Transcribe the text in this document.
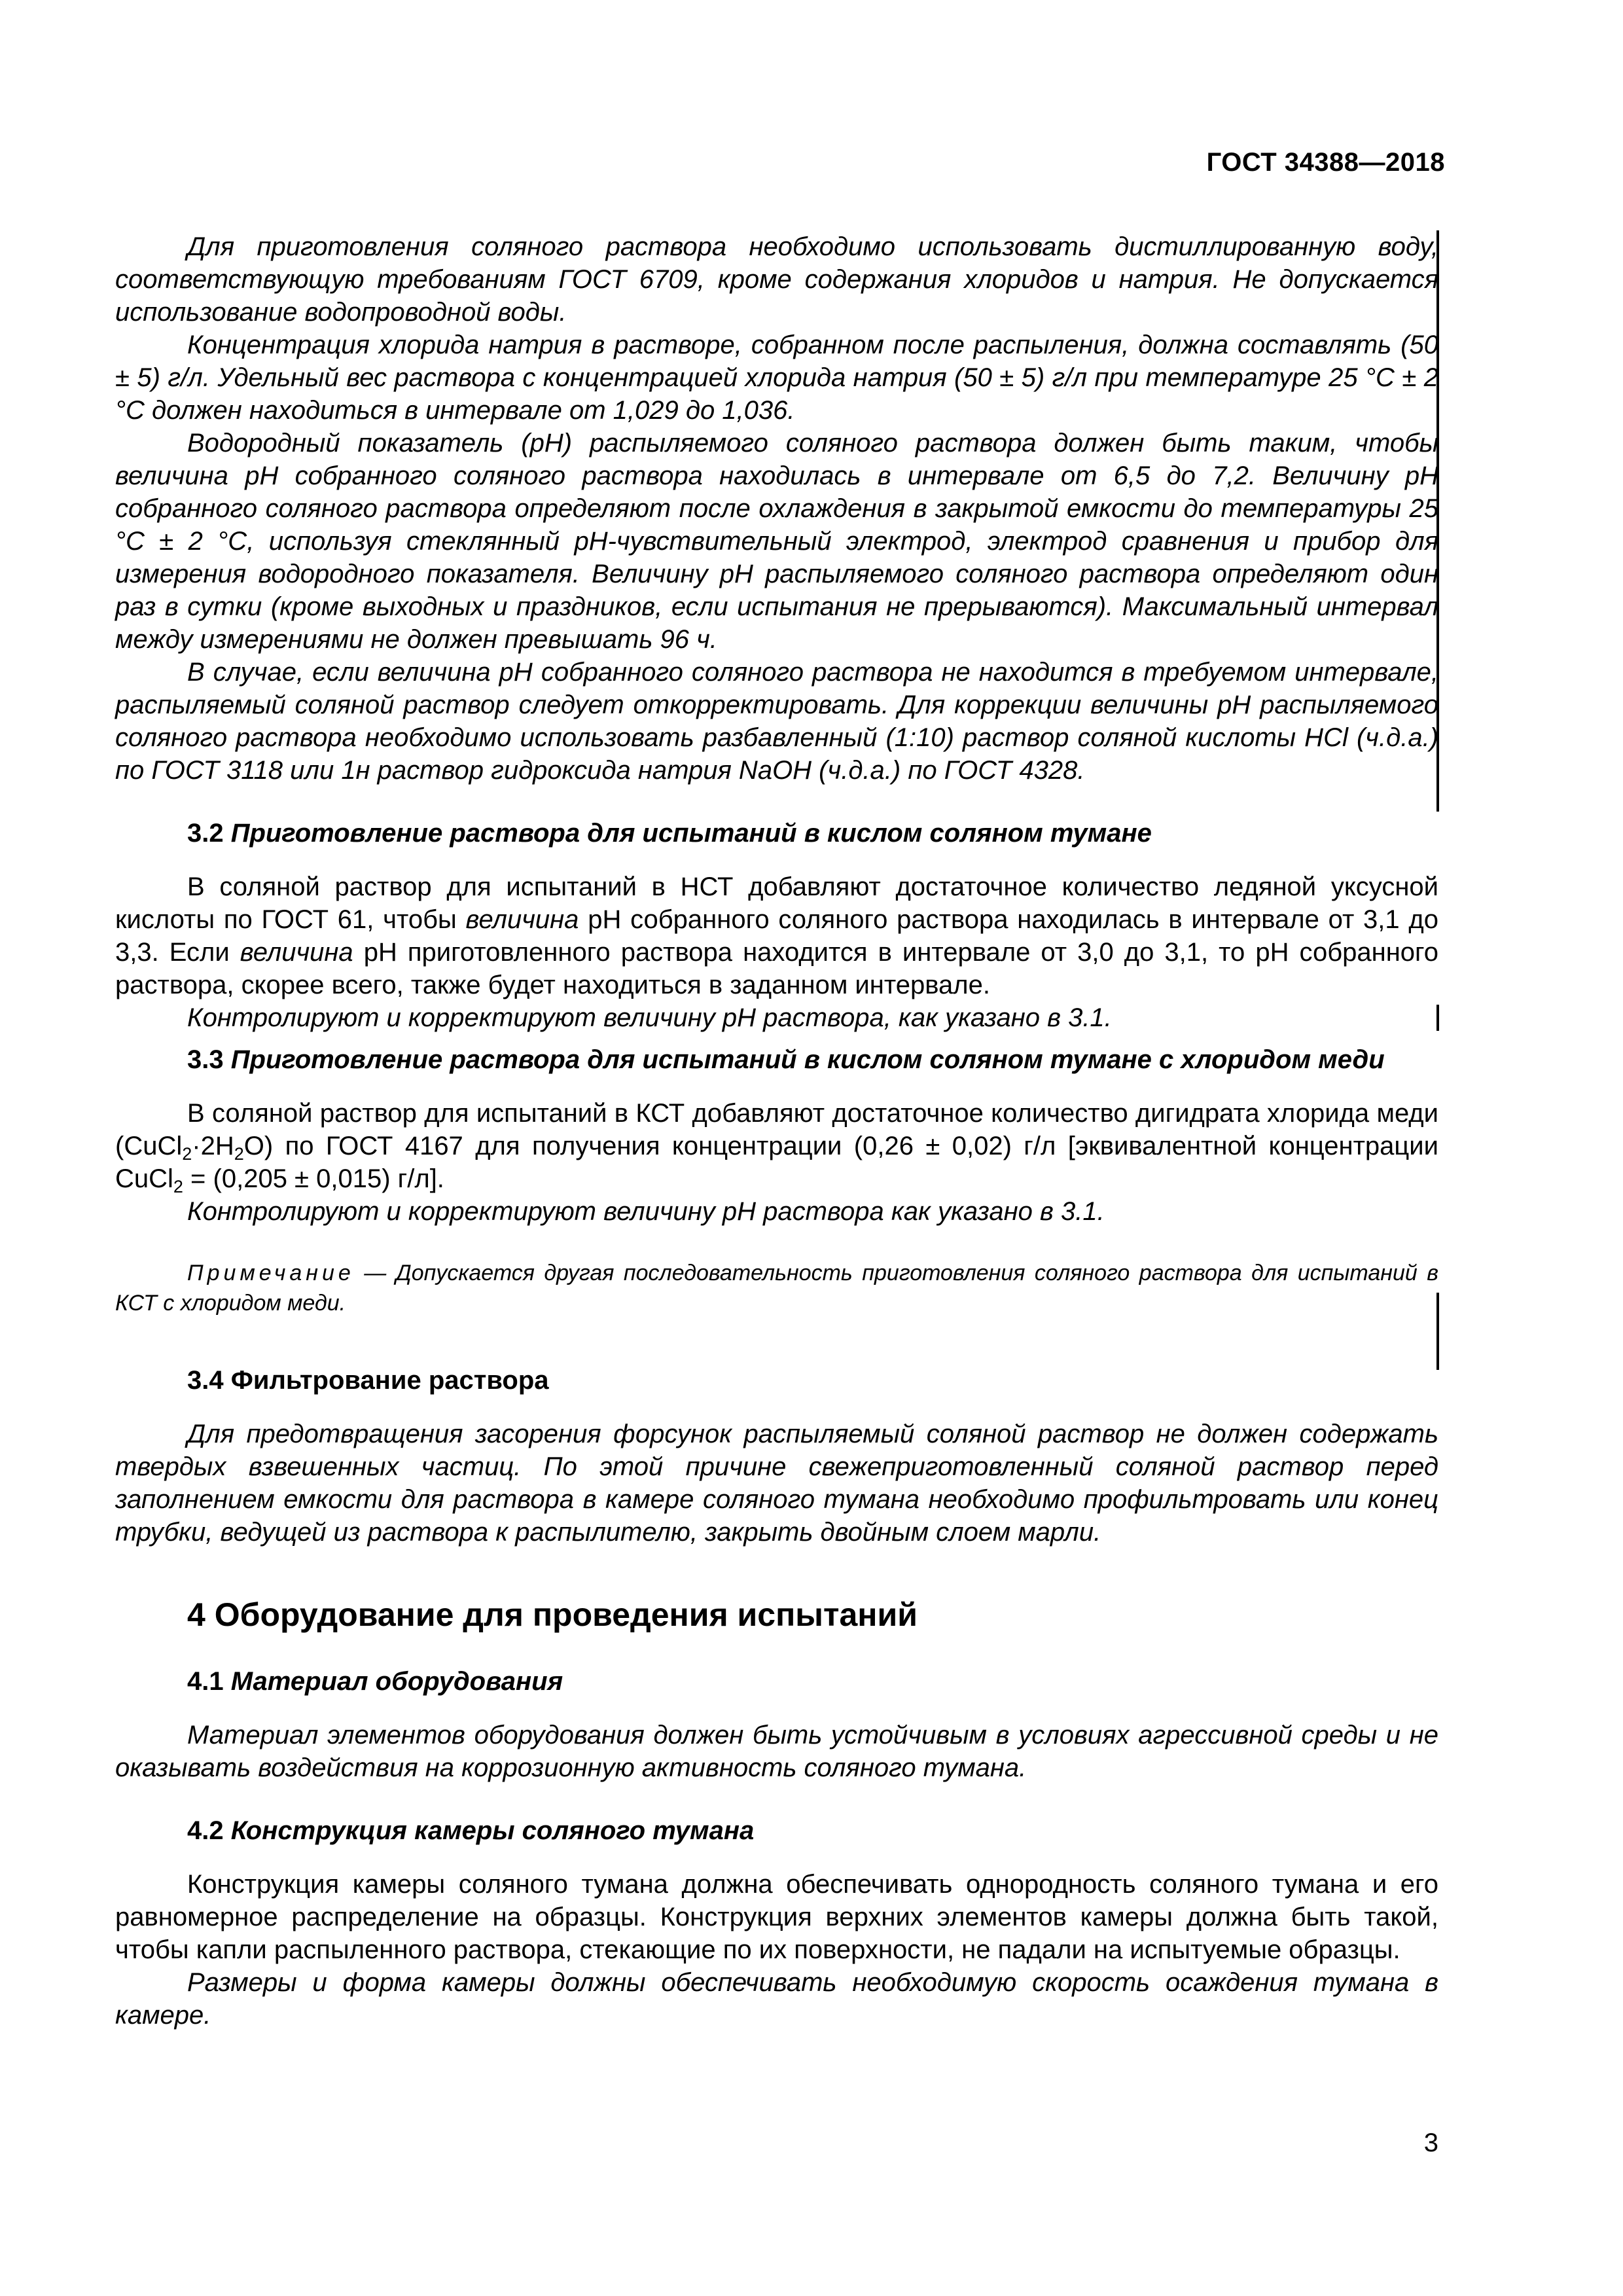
ГОСТ 34388—2018

Для приготовления соляного раствора необходимо использовать дистиллированную воду, соответствующую требованиям ГОСТ 6709, кроме содержания хлоридов и натрия. Не допускается использование водопроводной воды.

Концентрация хлорида натрия в растворе, собранном после распыления, должна составлять (50 ± 5) г/л. Удельный вес раствора с концентрацией хлорида натрия (50 ± 5) г/л при температуре 25 °С ± 2 °С должен находиться в интервале от 1,029 до 1,036.

Водородный показатель (pH) распыляемого соляного раствора должен быть таким, чтобы величина pH собранного соляного раствора находилась в интервале от 6,5 до 7,2. Величину pH собранного соляного раствора определяют после охлаждения в закрытой емкости до температуры 25 °С ± 2 °С, используя стеклянный pH-чувствительный электрод, электрод сравнения и прибор для измерения водородного показателя. Величину pH распыляемого соляного раствора определяют один раз в сутки (кроме выходных и праздников, если испытания не прерываются). Максимальный интервал между измерениями не должен превышать 96 ч.

В случае, если величина pH собранного соляного раствора не находится в требуемом интервале, распыляемый соляной раствор следует откорректировать. Для коррекции величины pH распыляемого соляного раствора необходимо использовать разбавленный (1:10) раствор соляной кислоты HCl (ч.д.а.) по ГОСТ 3118 или 1н раствор гидроксида натрия NaOH (ч.д.а.) по ГОСТ 4328.

3.2 Приготовление раствора для испытаний в кислом соляном тумане

В соляной раствор для испытаний в НСТ добавляют достаточное количество ледяной уксусной кислоты по ГОСТ 61, чтобы величина pH собранного соляного раствора находилась в интервале от 3,1 до 3,3. Если величина pH приготовленного раствора находится в интервале от 3,0 до 3,1, то pH собранного раствора, скорее всего, также будет находиться в заданном интервале.

Контролируют и корректируют величину pH раствора, как указано в 3.1.

3.3 Приготовление раствора для испытаний в кислом соляном тумане с хлоридом меди

В соляной раствор для испытаний в КСТ добавляют достаточное количество дигидрата хлорида меди $(CuCl_2\cdot 2H_2O)$ по ГОСТ 4167 для получения концентрации (0,26 ± 0,02) г/л [эквивалентной концентрации CuCl$_2$ = (0,205 ± 0,015) г/л].

Контролируют и корректируют величину pH раствора как указано в 3.1.

Примечание — Допускается другая последовательность приготовления соляного раствора для испытаний в КСТ с хлоридом меди.

3.4 Фильтрование раствора

Для предотвращения засорения форсунок распыляемый соляной раствор не должен содержать твердых взвешенных частиц. По этой причине свежеприготовленный соляной раствор перед заполнением емкости для раствора в камере соляного тумана необходимо профильтровать или конец трубки, ведущей из раствора к распылителю, закрыть двойным слоем марли.

4 Оборудование для проведения испытаний
4.1 Материал оборудования

Материал элементов оборудования должен быть устойчивым в условиях агрессивной среды и не оказывать воздействия на коррозионную активность соляного тумана.

4.2 Конструкция камеры соляного тумана

Конструкция камеры соляного тумана должна обеспечивать однородность соляного тумана и его равномерное распределение на образцы. Конструкция верхних элементов камеры должна быть такой, чтобы капли распыленного раствора, стекающие по их поверхности, не падали на испытуемые образцы.

Размеры и форма камеры должны обеспечивать необходимую скорость осаждения тумана в камере.

3
